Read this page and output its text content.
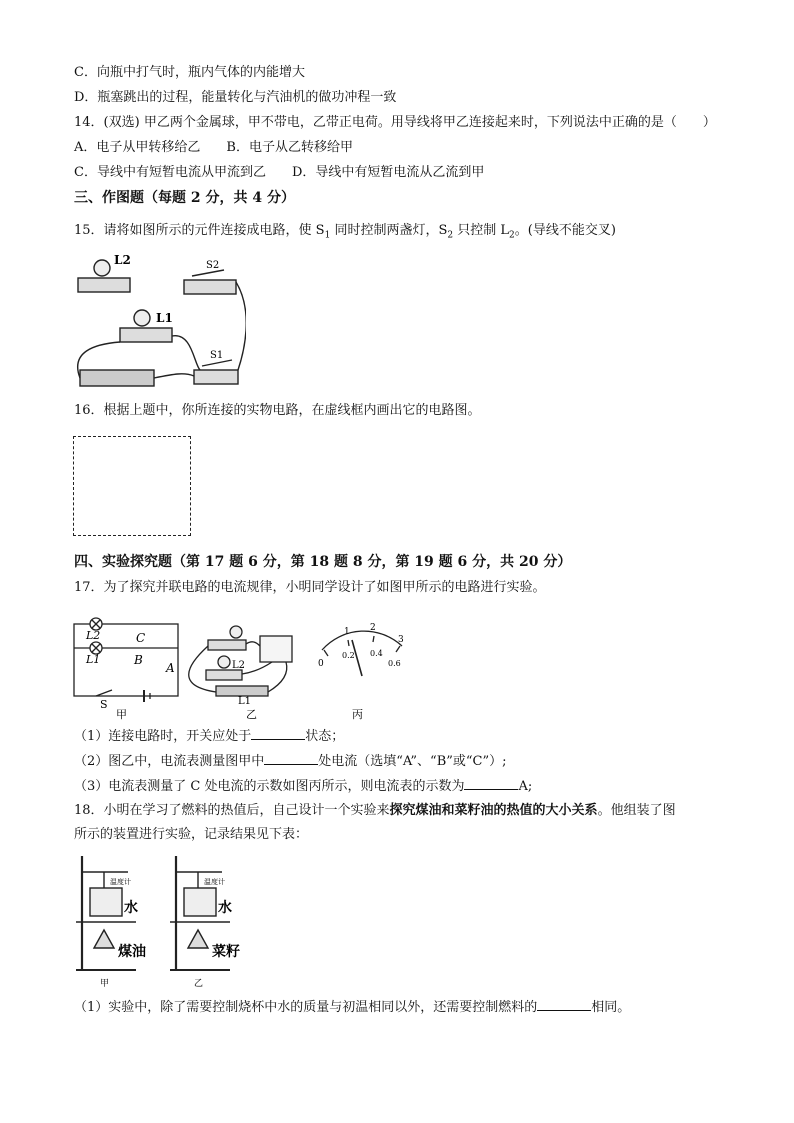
C．向瓶中打气时，瓶内气体的内能增大
D．瓶塞跳出的过程，能量转化与汽油机的做功冲程一致
14．(双选) 甲乙两个金属球，甲不带电，乙带正电荷。用导线将甲乙连接起来时，下列说法中正确的是（　　）
A．电子从甲转移给乙　　B．电子从乙转移给甲
C．导线中有短暂电流从甲流到乙　　D．导线中有短暂电流从乙流到甲
三、作图题（每题 2 分，共 4 分）
15．请将如图所示的元件连接成电路，使 $S_1$ 同时控制两盏灯，$S_2$ 只控制 $L_2$。(导线不能交叉)
L2	S2
L1
S1
16．根据上题中，你所连接的实物电路，在虚线框内画出它的电路图。
四、实验探究题（第 17 题 6 分，第 18 题 8 分，第 19 题 6 分，共 20 分）
17．为了探究并联电路的电流规律，小明同学设计了如图甲所示的电路进行实验。
L2
L1
C
B
A
S
甲
L2
L1
乙
0
1 2
3
0.2 0.4
0.6
丙
（1）连接电路时，开关应处于	状态；
（2）图乙中，电流表测量图甲中	处电流（选填“A”、“B”或“C”）;
（3）电流表测量了 C 处电流的示数如图丙所示，则电流表的示数为	A;
18．小明在学习了燃料的热值后，自己设计一个实验来探究煤油和菜籽油的热值的大小关系。他组装了图
所示的装置进行实验，记录结果见下表：
温度计	温度计
水	水
煤油	菜籽
甲	乙
（1）实验中，除了需要控制烧杯中水的质量与初温相同以外，还需要控制燃料的	相同。
